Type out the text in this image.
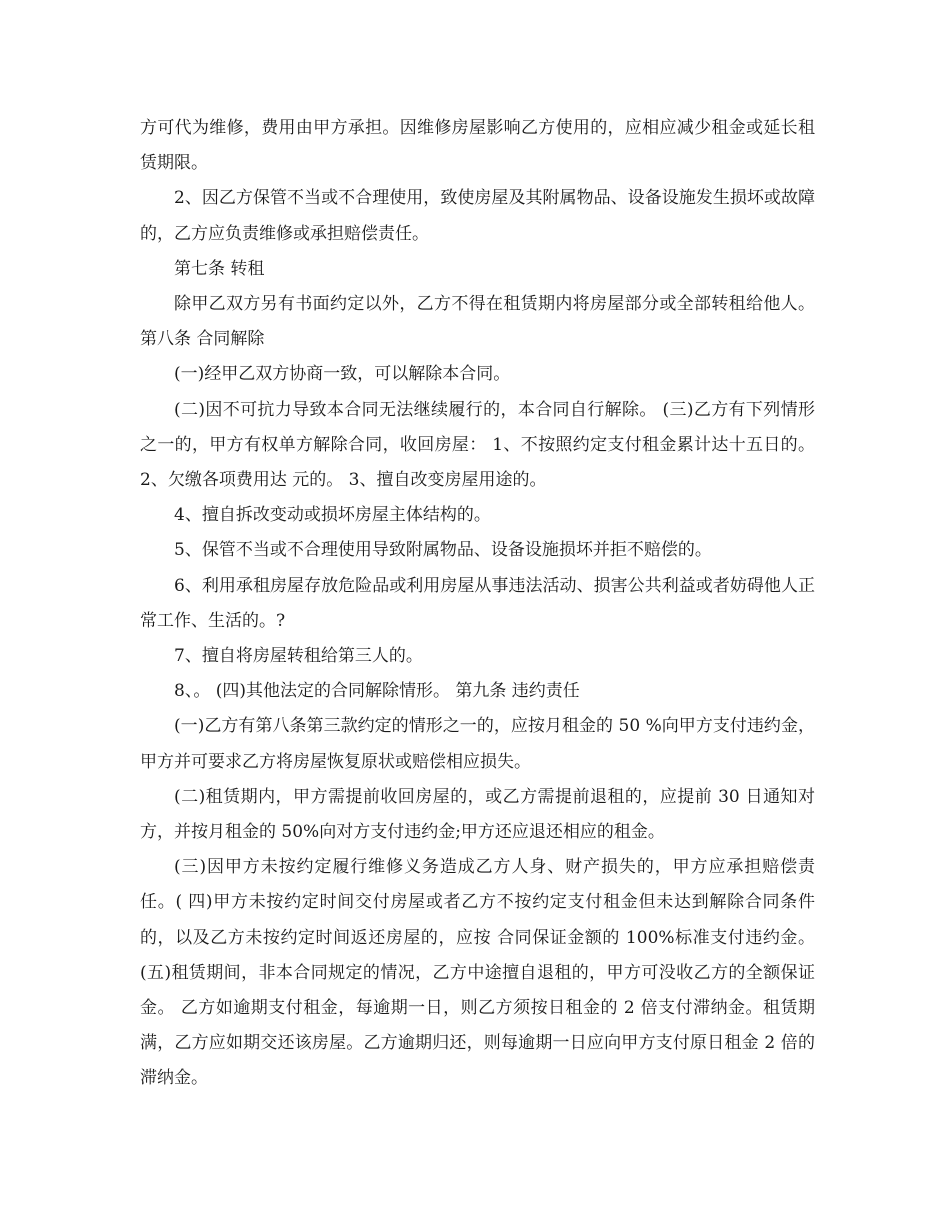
方可代为维修，费用由甲方承担。因维修房屋影响乙方使用的，应相应减少租金或延长租赁期限。

2、因乙方保管不当或不合理使用，致使房屋及其附属物品、设备设施发生损坏或故障的，乙方应负责维修或承担赔偿责任。

第七条 转租

除甲乙双方另有书面约定以外，乙方不得在租赁期内将房屋部分或全部转租给他人。 第八条 合同解除

(一)经甲乙双方协商一致，可以解除本合同。

(二)因不可抗力导致本合同无法继续履行的，本合同自行解除。 (三)乙方有下列情形之一的，甲方有权单方解除合同，收回房屋： 1、不按照约定支付租金累计达十五日的。 2、欠缴各项费用达 元的。 3、擅自改变房屋用途的。

4、擅自拆改变动或损坏房屋主体结构的。

5、保管不当或不合理使用导致附属物品、设备设施损坏并拒不赔偿的。

6、利用承租房屋存放危险品或利用房屋从事违法活动、损害公共利益或者妨碍他人正常工作、生活的。?

7、擅自将房屋转租给第三人的。

8、。 (四)其他法定的合同解除情形。 第九条 违约责任

(一)乙方有第八条第三款约定的情形之一的，应按月租金的 50 %向甲方支付违约金，甲方并可要求乙方将房屋恢复原状或赔偿相应损失。

(二)租赁期内，甲方需提前收回房屋的，或乙方需提前退租的，应提前 30 日通知对方，并按月租金的 50%向对方支付违约金;甲方还应退还相应的租金。

(三)因甲方未按约定履行维修义务造成乙方人身、财产损失的，甲方应承担赔偿责任。( 四)甲方未按约定时间交付房屋或者乙方不按约定支付租金但未达到解除合同条件的，以及乙方未按约定时间返还房屋的，应按 合同保证金额的 100%标准支付违约金。 (五)租赁期间，非本合同规定的情况，乙方中途擅自退租的，甲方可没收乙方的全额保证金。 乙方如逾期支付租金，每逾期一日，则乙方须按日租金的 2 倍支付滞纳金。租赁期满，乙方应如期交还该房屋。乙方逾期归还，则每逾期一日应向甲方支付原日租金 2 倍的滞纳金。
